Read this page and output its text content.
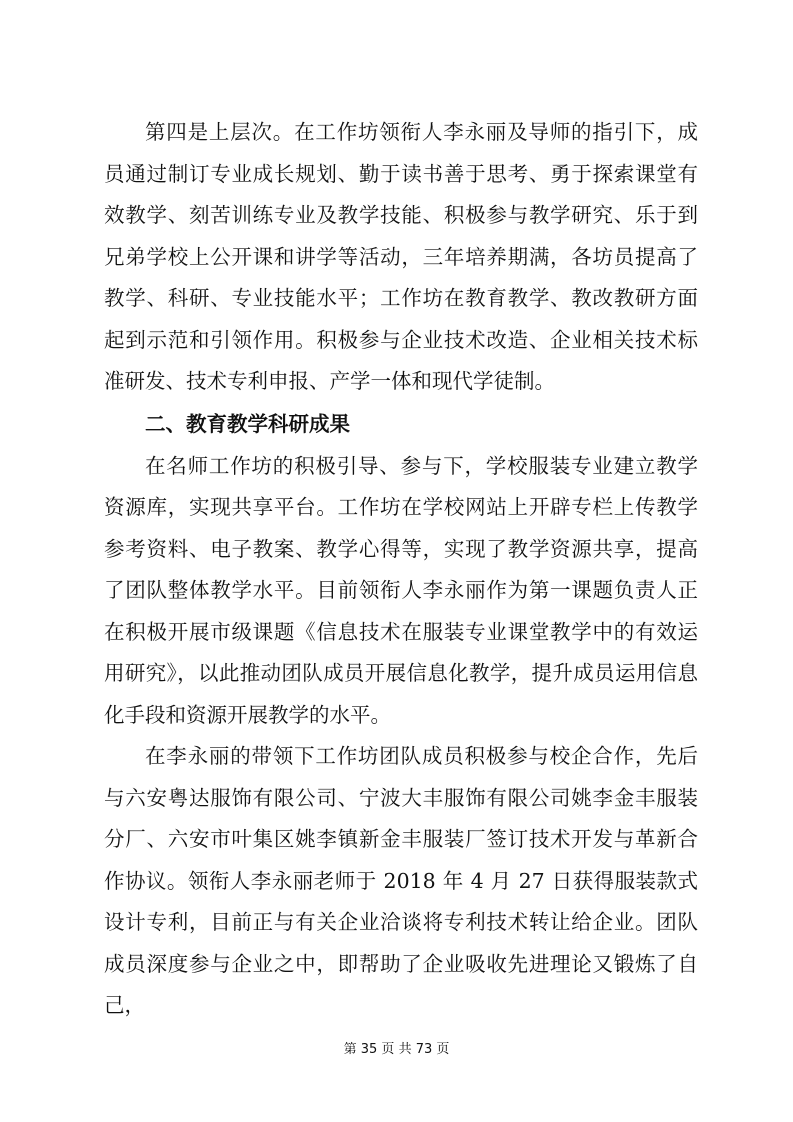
第四是上层次。在工作坊领衔人李永丽及导师的指引下，成员通过制订专业成长规划、勤于读书善于思考、勇于探索课堂有效教学、刻苦训练专业及教学技能、积极参与教学研究、乐于到兄弟学校上公开课和讲学等活动，三年培养期满，各坊员提高了教学、科研、专业技能水平；工作坊在教育教学、教改教研方面起到示范和引领作用。积极参与企业技术改造、企业相关技术标准研发、技术专利申报、产学一体和现代学徒制。

二、教育教学科研成果

在名师工作坊的积极引导、参与下，学校服装专业建立教学资源库，实现共享平台。工作坊在学校网站上开辟专栏上传教学参考资料、电子教案、教学心得等，实现了教学资源共享，提高了团队整体教学水平。目前领衔人李永丽作为第一课题负责人正在积极开展市级课题《信息技术在服装专业课堂教学中的有效运用研究》，以此推动团队成员开展信息化教学，提升成员运用信息化手段和资源开展教学的水平。

在李永丽的带领下工作坊团队成员积极参与校企合作，先后与六安粤达服饰有限公司、宁波大丰服饰有限公司姚李金丰服装分厂、六安市叶集区姚李镇新金丰服装厂签订技术开发与革新合作协议。领衔人李永丽老师于 2018 年 4 月 27 日获得服装款式设计专利，目前正与有关企业洽谈将专利技术转让给企业。团队成员深度参与企业之中，即帮助了企业吸收先进理论又锻炼了自己，

第 35 页 共 73 页
